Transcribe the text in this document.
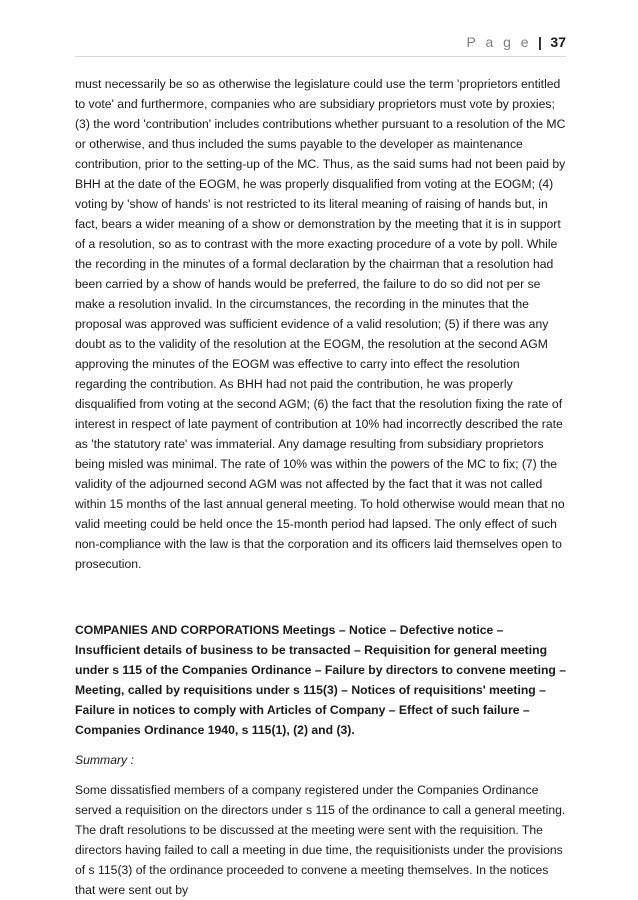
P a g e | 37

must necessarily be so as otherwise the legislature could use the term 'proprietors entitled to vote' and furthermore, companies who are subsidiary proprietors must vote by proxies; (3) the word 'contribution' includes contributions whether pursuant to a resolution of the MC or otherwise, and thus included the sums payable to the developer as maintenance contribution, prior to the setting-up of the MC. Thus, as the said sums had not been paid by BHH at the date of the EOGM, he was properly disqualified from voting at the EOGM; (4) voting by 'show of hands' is not restricted to its literal meaning of raising of hands but, in fact, bears a wider meaning of a show or demonstration by the meeting that it is in support of a resolution, so as to contrast with the more exacting procedure of a vote by poll. While the recording in the minutes of a formal declaration by the chairman that a resolution had been carried by a show of hands would be preferred, the failure to do so did not per se make a resolution invalid. In the circumstances, the recording in the minutes that the proposal was approved was sufficient evidence of a valid resolution; (5) if there was any doubt as to the validity of the resolution at the EOGM, the resolution at the second AGM approving the minutes of the EOGM was effective to carry into effect the resolution regarding the contribution. As BHH had not paid the contribution, he was properly disqualified from voting at the second AGM; (6) the fact that the resolution fixing the rate of interest in respect of late payment of contribution at 10% had incorrectly described the rate as 'the statutory rate' was immaterial. Any damage resulting from subsidiary proprietors being misled was minimal. The rate of 10% was within the powers of the MC to fix; (7) the validity of the adjourned second AGM was not affected by the fact that it was not called within 15 months of the last annual general meeting. To hold otherwise would mean that no valid meeting could be held once the 15-month period had lapsed. The only effect of such non-compliance with the law is that the corporation and its officers laid themselves open to prosecution.

COMPANIES AND CORPORATIONS Meetings – Notice – Defective notice – Insufficient details of business to be transacted – Requisition for general meeting under s 115 of the Companies Ordinance – Failure by directors to convene meeting – Meeting, called by requisitions under s 115(3) – Notices of requisitions' meeting – Failure in notices to comply with Articles of Company – Effect of such failure – Companies Ordinance 1940, s 115(1), (2) and (3).

Summary :

Some dissatisfied members of a company registered under the Companies Ordinance served a requisition on the directors under s 115 of the ordinance to call a general meeting. The draft resolutions to be discussed at the meeting were sent with the requisition. The directors having failed to call a meeting in due time, the requisitionists under the provisions of s 115(3) of the ordinance proceeded to convene a meeting themselves. In the notices that were sent out by
